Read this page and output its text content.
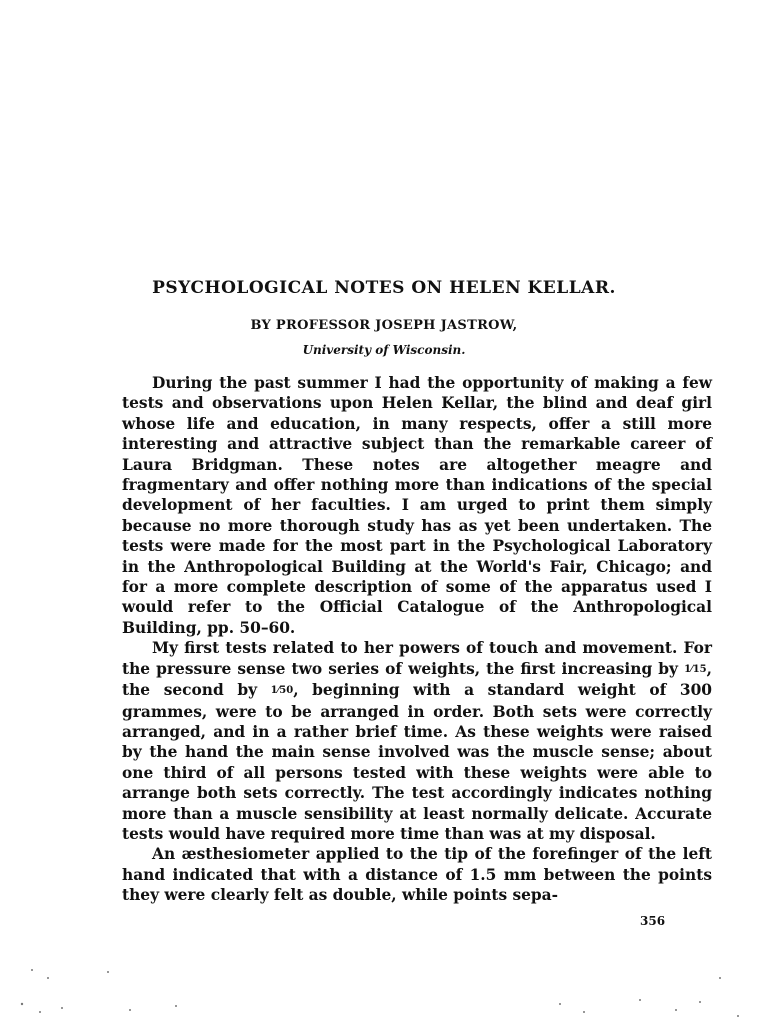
PSYCHOLOGICAL NOTES ON HELEN KELLAR.
BY PROFESSOR JOSEPH JASTROW,
University of Wisconsin.

During the past summer I had the opportunity of making a few tests and observations upon Helen Kellar, the blind and deaf girl whose life and education, in many respects, offer a still more interesting and attractive subject than the remarkable career of Laura Bridgman. These notes are altogether meagre and fragmentary and offer nothing more than indications of the special development of her faculties. I am urged to print them simply because no more thorough study has as yet been undertaken. The tests were made for the most part in the Psychological Laboratory in the Anthropological Building at the World's Fair, Chicago; and for a more complete description of some of the apparatus used I would refer to the Official Catalogue of the Anthropological Building, pp. 50–60.

My first tests related to her powers of touch and movement. For the pressure sense two series of weights, the first increasing by 1⁄15, the second by 1⁄50, beginning with a standard weight of 300 grammes, were to be arranged in order. Both sets were correctly arranged, and in a rather brief time. As these weights were raised by the hand the main sense involved was the muscle sense; about one third of all persons tested with these weights were able to arrange both sets correctly. The test accordingly indicates nothing more than a muscle sensibility at least normally delicate. Accurate tests would have required more time than was at my disposal.

An æsthesiometer applied to the tip of the forefinger of the left hand indicated that with a distance of 1.5 mm between the points they were clearly felt as double, while points sepa-

356
